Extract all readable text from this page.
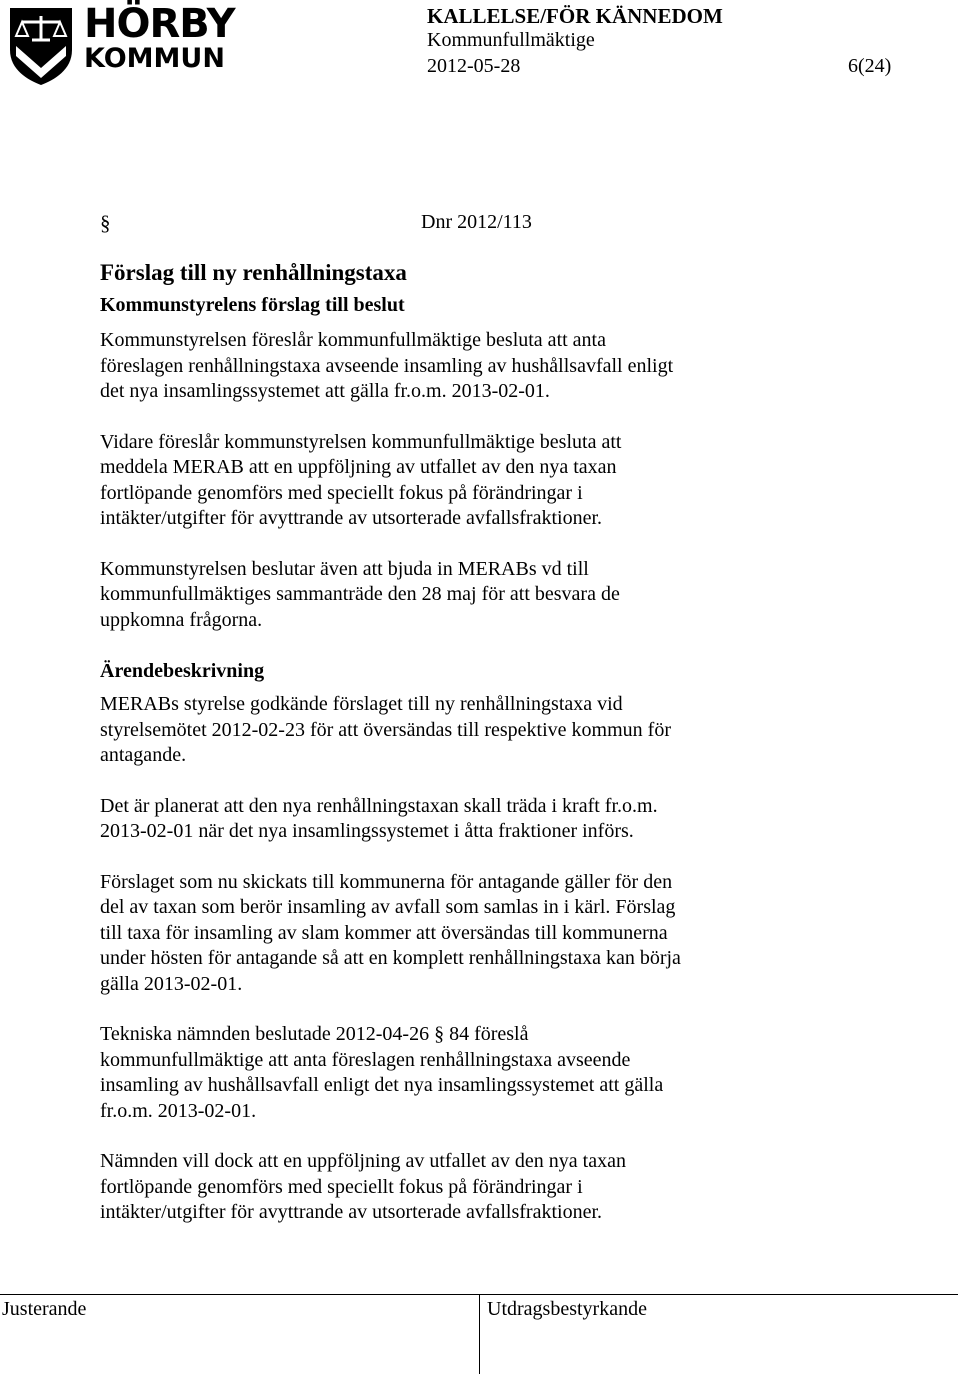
HÖRBY
KOMMUN
KALLELSE/FÖR KÄNNEDOM
Kommunfullmäktige
2012-05-28	6(24)
§	Dnr 2012/113
Förslag till ny renhållningstaxa
Kommunstyrelens förslag till beslut
Kommunstyrelsen föreslår kommunfullmäktige besluta att anta
föreslagen renhållningstaxa avseende insamling av hushållsavfall enligt
det nya insamlingssystemet att gälla fr.o.m. 2013-02-01.
Vidare föreslår kommunstyrelsen kommunfullmäktige besluta att
meddela MERAB att en uppföljning av utfallet av den nya taxan
fortlöpande genomförs med speciellt fokus på förändringar i
intäkter/utgifter för avyttrande av utsorterade avfallsfraktioner.
Kommunstyrelsen beslutar även att bjuda in MERABs vd till
kommunfullmäktiges sammanträde den 28 maj för att besvara de
uppkomna frågorna.
Ärendebeskrivning
MERABs styrelse godkände förslaget till ny renhållningstaxa vid
styrelsemötet 2012-02-23 för att översändas till respektive kommun för
antagande.
Det är planerat att den nya renhållningstaxan skall träda i kraft fr.o.m.
2013-02-01 när det nya insamlingssystemet i åtta fraktioner införs.
Förslaget som nu skickats till kommunerna för antagande gäller för den
del av taxan som berör insamling av avfall som samlas in i kärl. Förslag
till taxa för insamling av slam kommer att översändas till kommunerna
under hösten för antagande så att en komplett renhållningstaxa kan börja
gälla 2013-02-01.
Tekniska nämnden beslutade 2012-04-26 § 84 föreslå
kommunfullmäktige att anta föreslagen renhållningstaxa avseende
insamling av hushållsavfall enligt det nya insamlingssystemet att gälla
fr.o.m. 2013-02-01.
Nämnden vill dock att en uppföljning av utfallet av den nya taxan
fortlöpande genomförs med speciellt fokus på förändringar i
intäkter/utgifter för avyttrande av utsorterade avfallsfraktioner.
Justerande	Utdragsbestyrkande
